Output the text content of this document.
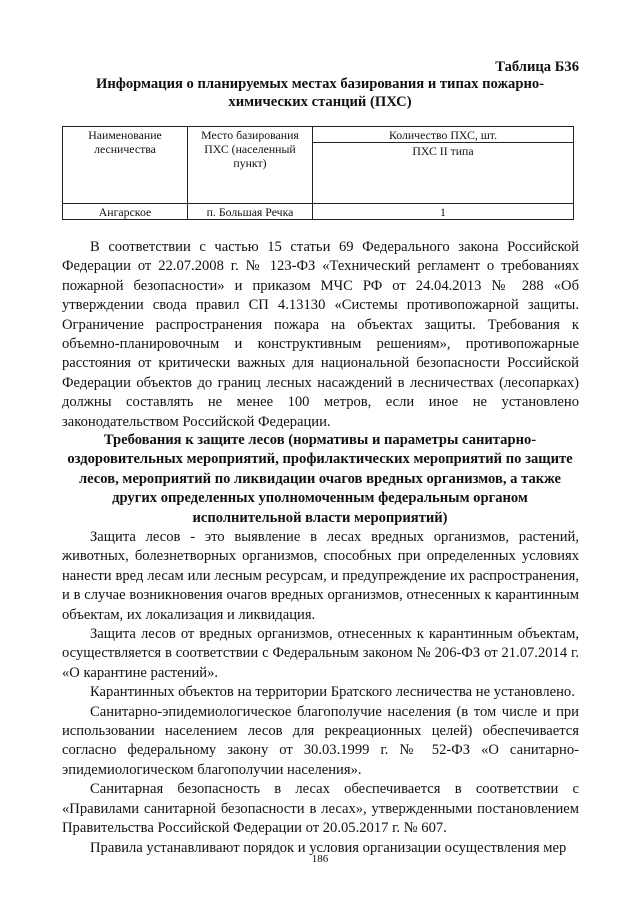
Таблица Б36
Информация о планируемых местах базирования и типах пожарно-химических станций (ПХС)
Наименование лесничества	Место базирования ПХС (населенный пункт)	Количество ПХС, шт.
		ПХС II типа
Ангарское	п. Большая Речка	1

В соответствии с частью 15 статьи 69 Федерального закона Российской Федерации от 22.07.2008 г. № 123-ФЗ «Технический регламент о требованиях пожарной безопасности» и приказом МЧС РФ от 24.04.2013 № 288 «Об утверждении свода правил СП 4.13130 «Системы противопожарной защиты. Ограничение распространения пожара на объектах защиты. Требования к объемно-планировочным и конструктивным решениям», противопожарные расстояния от критически важных для национальной безопасности Российской Федерации объектов до границ лесных насаждений в лесничествах (лесопарках) должны составлять не менее 100 метров, если иное не установлено законодательством Российской Федерации.

Требования к защите лесов (нормативы и параметры санитарно-оздоровительных мероприятий, профилактических мероприятий по защите лесов, мероприятий по ликвидации очагов вредных организмов, а также других определенных уполномоченным федеральным органом исполнительной власти мероприятий)

Защита лесов - это выявление в лесах вредных организмов, растений, животных, болезнетворных организмов, способных при определенных условиях нанести вред лесам или лесным ресурсам, и предупреждение их распространения, и в случае возникновения очагов вредных организмов, отнесенных к карантинным объектам, их локализация и ликвидация.

Защита лесов от вредных организмов, отнесенных к карантинным объектам, осуществляется в соответствии с Федеральным законом № 206-ФЗ от 21.07.2014 г. «О карантине растений».

Карантинных объектов на территории Братского лесничества не установлено.

Санитарно-эпидемиологическое благополучие населения (в том числе и при использовании населением лесов для рекреационных целей) обеспечивается согласно федеральному закону от 30.03.1999 г. № 52-ФЗ «О санитарно-эпидемиологическом благополучии населения».

Санитарная безопасность в лесах обеспечивается в соответствии с «Правилами санитарной безопасности в лесах», утвержденными постановлением Правительства Российской Федерации от 20.05.2017 г. № 607.

Правила устанавливают порядок и условия организации осуществления мер

186
